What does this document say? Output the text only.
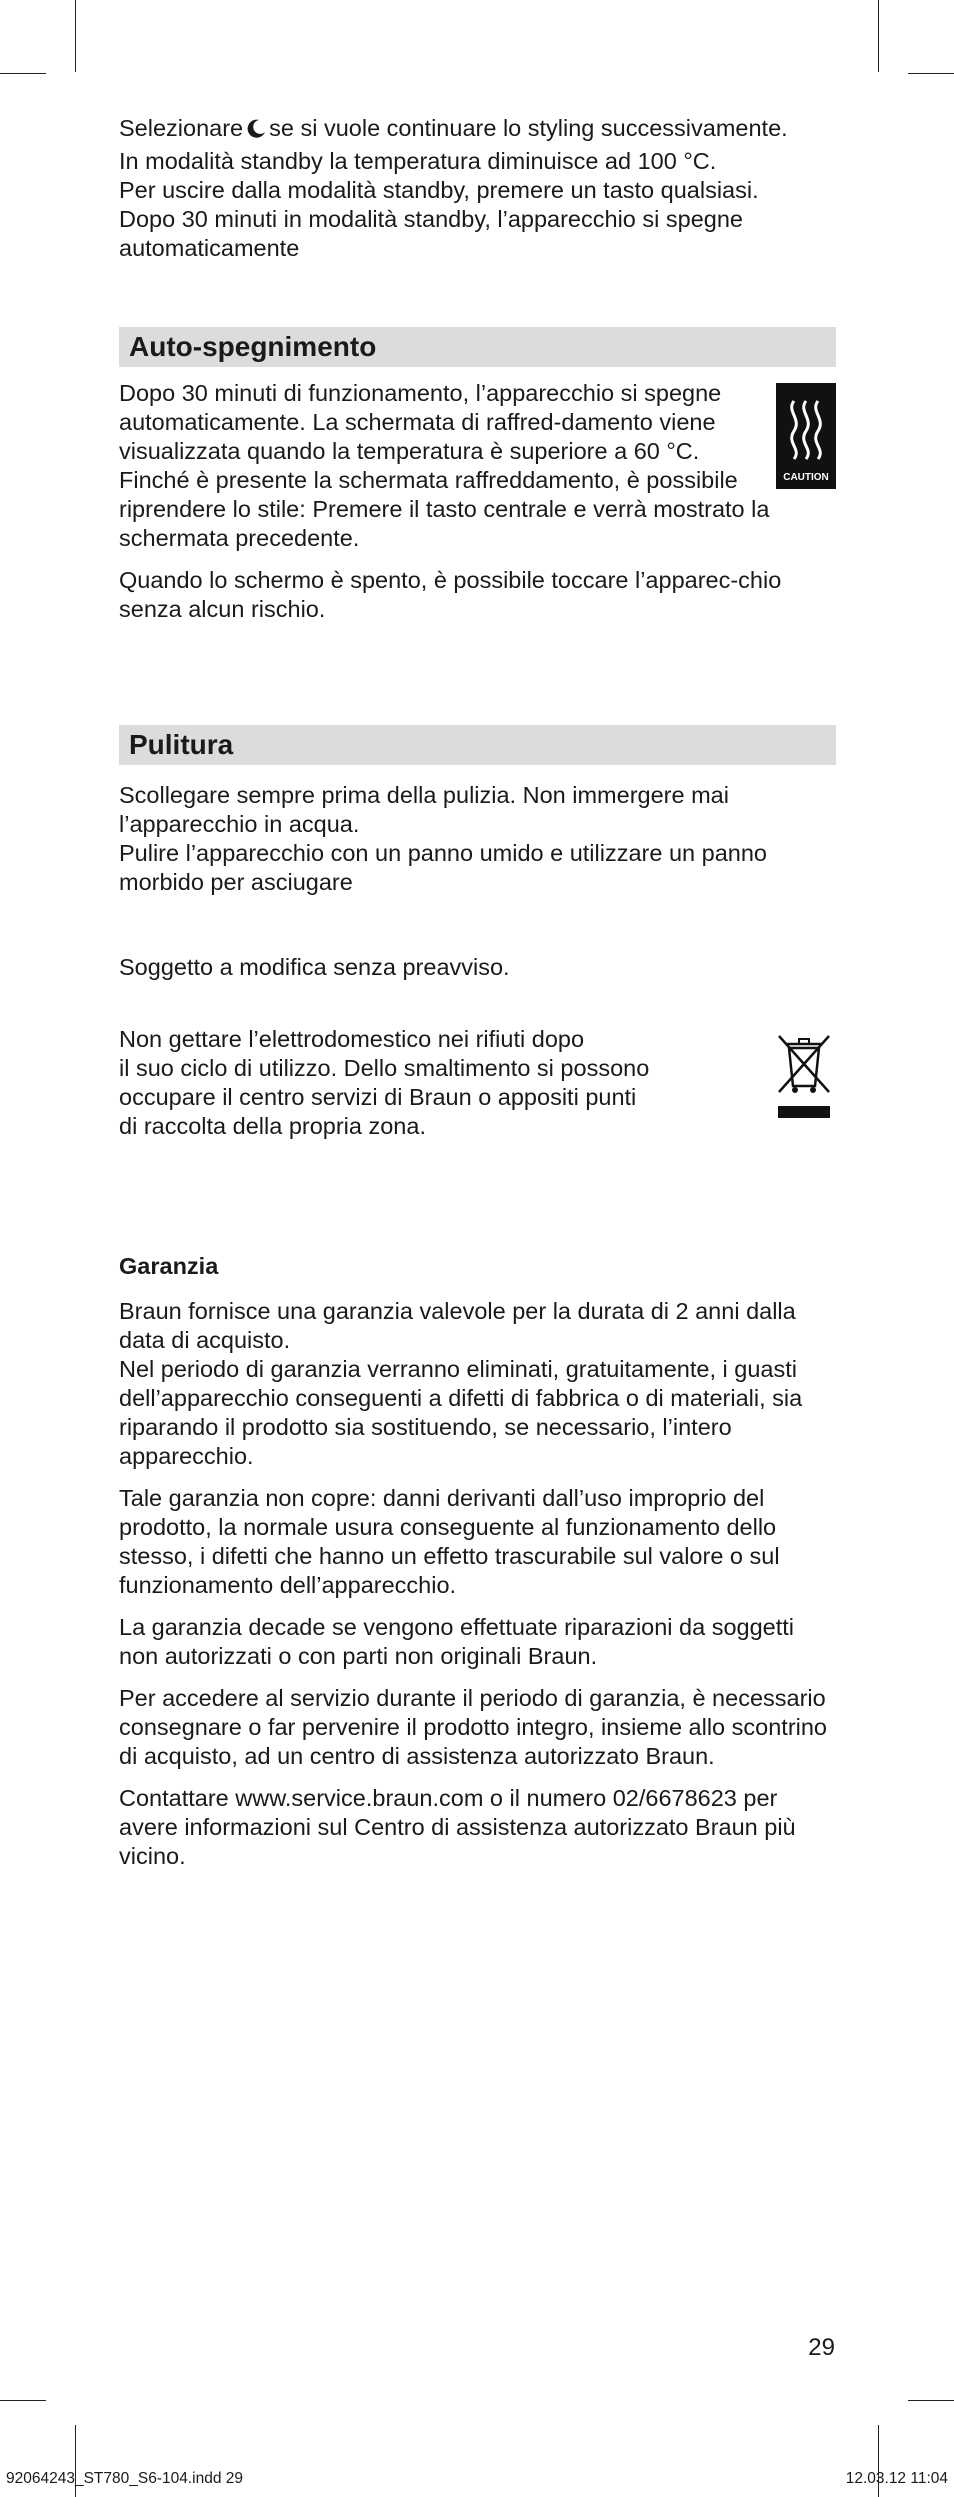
Selezionare se si vuole continuare lo styling successivamente.

In modalità standby la temperatura diminuisce ad 100 °C.
Per uscire dalla modalità standby, premere un tasto qualsiasi.
Dopo 30 minuti in modalità standby, l’apparecchio si spegne automaticamente

Auto-spegnimento

Dopo 30 minuti di funzionamento, l’apparecchio si spegne automaticamente. La schermata di raffred-damento viene visualizzata quando la temperatura è superiore a 60 °C.

Finché è presente la schermata raffreddamento, è possibile riprendere lo stile: Premere il tasto centrale e verrà mostrato la schermata precedente.

CAUTION

Quando lo schermo è spento, è possibile toccare l’apparec-chio senza alcun rischio.

Pulitura

Scollegare sempre prima della pulizia. Non immergere mai l’apparecchio in acqua.
Pulire l’apparecchio con un panno umido e utilizzare un panno morbido per asciugare

Soggetto a modifica senza preavviso.

Non gettare l’elettrodomestico nei rifiuti dopo
il suo ciclo di utilizzo. Dello smaltimento si possono
occupare il centro servizi di Braun o appositi punti
di raccolta della propria zona.

Garanzia

Braun fornisce una garanzia valevole per la durata di 2 anni dalla data di acquisto.
Nel periodo di garanzia verranno eliminati, gratuitamente, i guasti dell’apparecchio conseguenti a difetti di fabbrica o di materiali, sia riparando il prodotto sia sostituendo, se necessario, l’intero apparecchio.

Tale garanzia non copre: danni derivanti dall’uso improprio del prodotto, la normale usura conseguente al funzionamento dello stesso, i difetti che hanno un effetto trascurabile sul valore o sul funzionamento dell’apparecchio.

La garanzia decade se vengono effettuate riparazioni da soggetti non autorizzati o con parti non originali Braun.

Per accedere al servizio durante il periodo di garanzia, è necessario consegnare o far pervenire il prodotto integro, insieme allo scontrino di acquisto, ad un centro di assistenza autorizzato Braun.

Contattare www.service.braun.com o il numero 02/6678623 per avere informazioni sul Centro di assistenza autorizzato Braun più vicino.

29
92064243_ST780_S6-104.indd 29	12.03.12 11:04
